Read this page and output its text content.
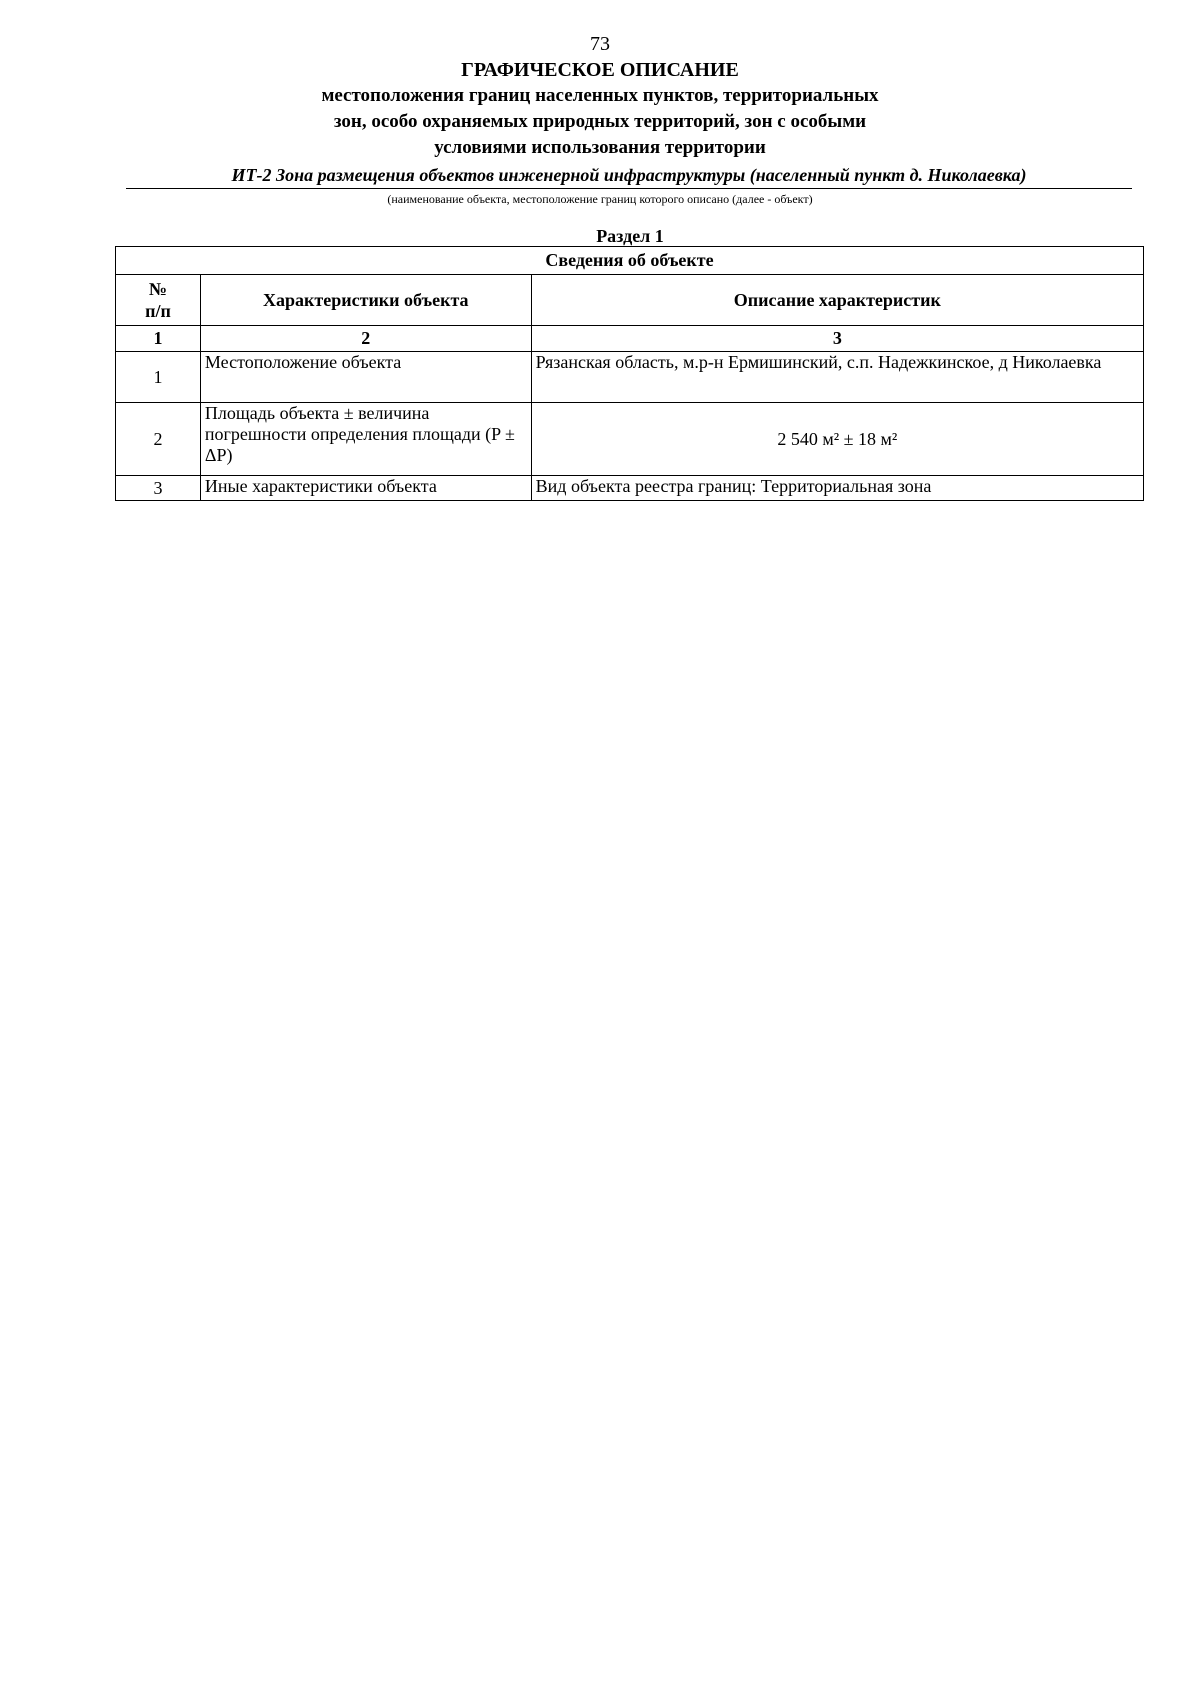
73
ГРАФИЧЕСКОЕ ОПИСАНИЕ
местоположения границ населенных пунктов, территориальных
зон, особо охраняемых природных территорий, зон с особыми
условиями использования территории
ИТ-2 Зона размещения объектов инженерной инфраструктуры (населенный пункт д. Николаевка)
(наименование объекта, местоположение границ которого описано (далее - объект)
Раздел 1
Сведения об объекте		
№
п/п	Характеристики объекта	Описание характеристик
1	2	3
1	Местоположение объекта	Рязанская область, м.р-н Ермишинский, с.п. Надежкинское, д Николаевка
2	Площадь объекта ± величина погрешности определения площади (P ± ΔP)	2 540 м² ± 18 м²
3	Иные характеристики объекта	Вид объекта реестра границ: Территориальная зона
